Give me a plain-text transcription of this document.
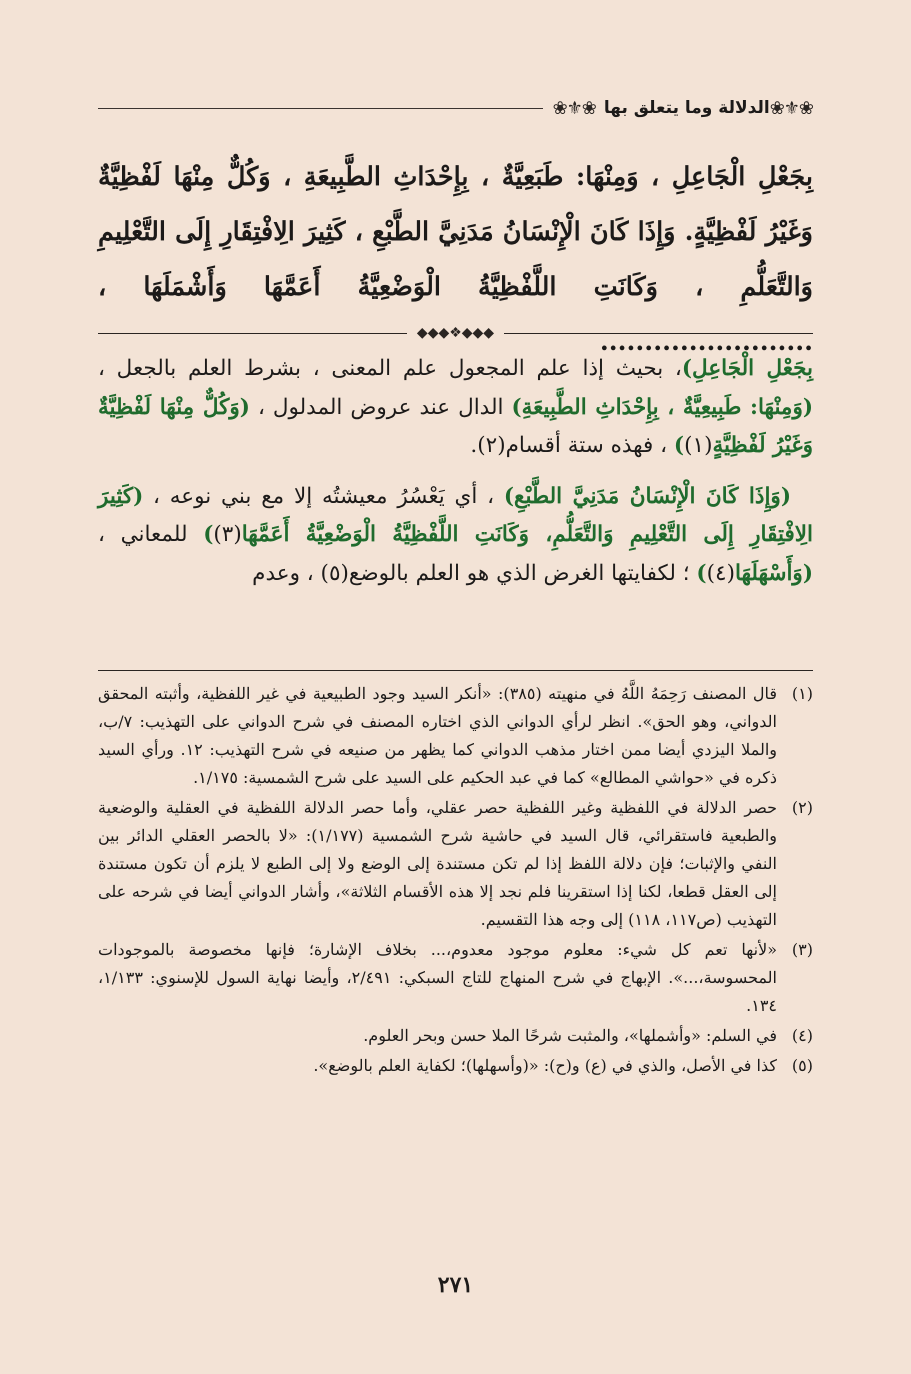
❀⚜❀
الدلالة وما يتعلق بها
❀⚜❀

بِجَعْلِ الْجَاعِلِ ، وَمِنْهَا: طَبَعِيَّةٌ ، بِإِحْدَاثِ الطَّبِيعَةِ ، وَكُلٌّ مِنْهَا لَفْظِيَّةٌ وَغَيْرُ لَفْظِيَّةٍ. وَإِذَا كَانَ الْإِنْسَانُ مَدَنِيَّ الطَّبْعِ ، كَثِيرَ الِافْتِقَارِ إِلَى التَّعْلِيمِ وَالتَّعَلُّمِ ، وَكَانَتِ اللَّفْظِيَّةُ الْوَضْعِيَّةُ أَعَمَّهَا وَأَشْمَلَهَا ، ........................

◆◆◆❖◆◆◆

بِجَعْلِ الْجَاعِلِ)، بحيث إذا علم المجعول علم المعنى ، بشرط العلم بالجعل ، (وَمِنْهَا: طَبِيعِيَّةٌ ، بِإِحْدَاثِ الطَّبِيعَةِ) الدال عند عروض المدلول ، (وَكُلٌّ مِنْهَا لَفْظِيَّةٌ وَغَيْرُ لَفْظِيَّةٍ(١)) ، فهذه ستة أقسام(٢).

(وَإِذَا كَانَ الْإِنْسَانُ مَدَنِيَّ الطَّبْعِ) ، أي يَعْسُرُ معيشتُه إلا مع بني نوعه ، (كَثِيرَ الِافْتِقَارِ إِلَى التَّعْلِيمِ وَالتَّعَلُّمِ، وَكَانَتِ اللَّفْظِيَّةُ الْوَضْعِيَّةُ أَعَمَّهَا(٣)) للمعاني ، (وَأَسْهَلَهَا(٤)) ؛ لكفايتها الغرض الذي هو العلم بالوضع(٥) ، وعدم

(١)
قال المصنف رَحِمَهُ اللَّهُ في منهيته (٣٨٥): «أنكر السيد وجود الطبيعية في غير اللفظية، وأثبته المحقق الدواني، وهو الحق». انظر لرأي الدواني الذي اختاره المصنف في شرح الدواني على التهذيب: ٧/ب، والملا اليزدي أيضا ممن اختار مذهب الدواني كما يظهر من صنيعه في شرح التهذيب: ١٢. ورأي السيد ذكره في «حواشي المطالع» كما في عبد الحكيم على السيد على شرح الشمسية: ١/١٧٥.
(٢)
حصر الدلالة في اللفظية وغير اللفظية حصر عقلي، وأما حصر الدلالة اللفظية في العقلية والوضعية والطبعية فاستقرائي، قال السيد في حاشية شرح الشمسية (١/١٧٧): «لا بالحصر العقلي الدائر بين النفي والإثبات؛ فإن دلالة اللفظ إذا لم تكن مستندة إلى الوضع ولا إلى الطبع لا يلزم أن تكون مستندة إلى العقل قطعا، لكنا إذا استقرينا فلم نجد إلا هذه الأقسام الثلاثة»، وأشار الدواني أيضا في شرحه على التهذيب (ص١١٧، ١١٨) إلى وجه هذا التقسيم.
(٣)
«لأنها تعم كل شيء: معلوم موجود معدوم،... بخلاف الإشارة؛ فإنها مخصوصة بالموجودات المحسوسة،...». الإبهاج في شرح المنهاج للتاج السبكي: ٢/٤٩١، وأيضا نهاية السول للإسنوي: ١/١٣٣، ١٣٤.
(٤)
في السلم: «وأشملها»، والمثبت شرحًا الملا حسن وبحر العلوم.
(٥)
كذا في الأصل، والذي في (ع) و(ح): «(وأسهلها)؛ لكفاية العلم بالوضع».
٢٧١
